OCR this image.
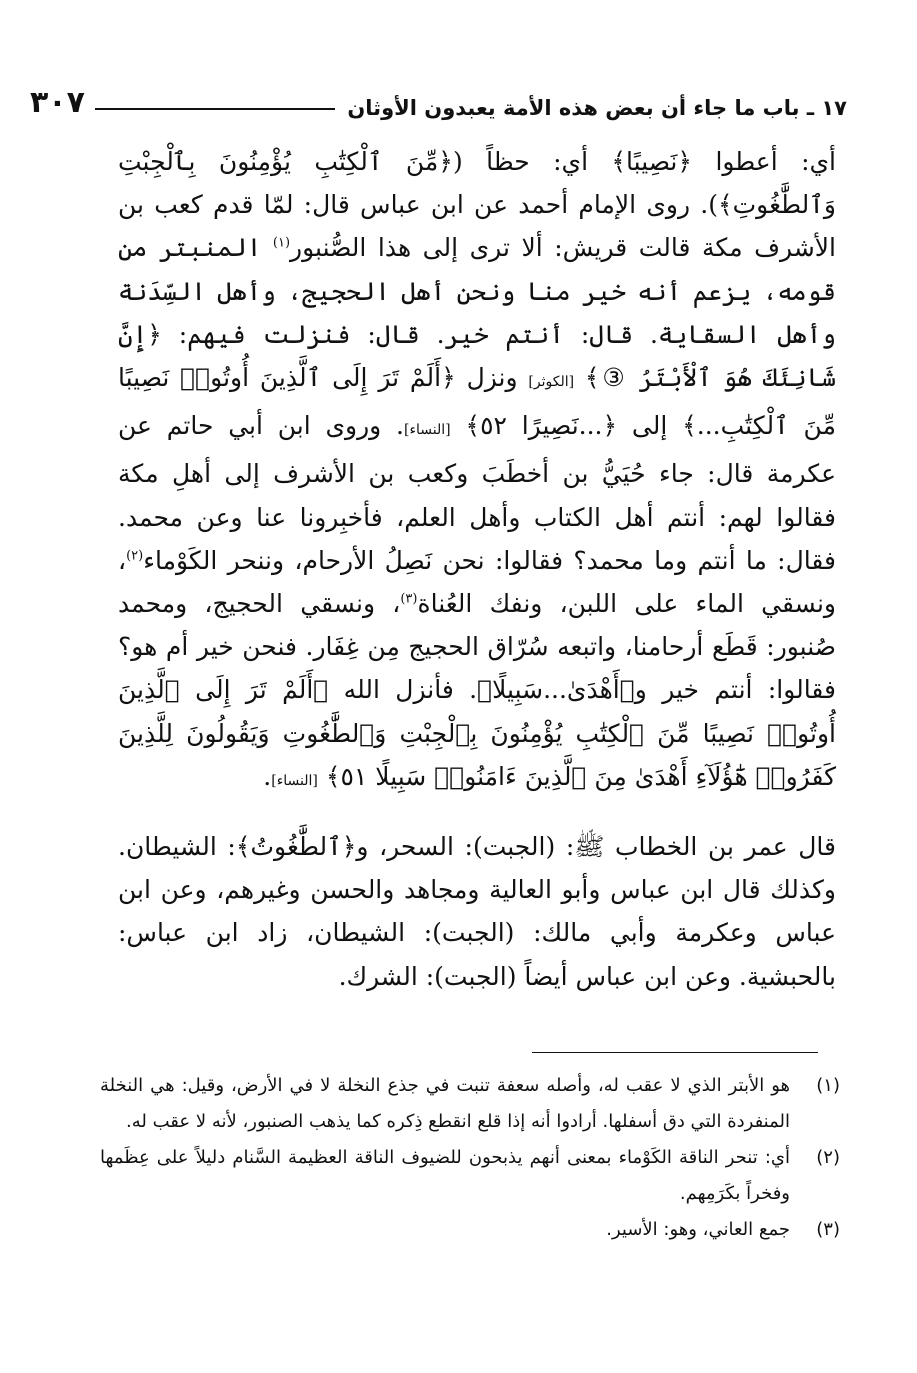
١٧ ـ باب ما جاء أن بعض هذه الأمة يعبدون الأوثان
٣٠٧

أي: أعطوا ﴿نَصِيبًا﴾ أي: حظاً (﴿مِّنَ ٱلْكِتَٰبِ يُؤْمِنُونَ بِٱلْجِبْتِ وَٱلطَّٰغُوتِ﴾). روى الإمام أحمد عن ابن عباس قال: لمّا قدم كعب بن الأشرف مكة قالت قريش: ألا ترى إلى هذا الصُّنبور$^{(١)}$ المنبتر من قومه، يزعم أنه خير منا ونحن أهل الحجيج، وأهل السِّدَنة وأهل السقاية. قال: أنتم خير. قال: فنزلت فيهم: ﴿إِنَّ شَانِئَكَ هُوَ ٱلْأَبْتَرُ ③﴾ [الكوثر] ونزل ﴿أَلَمْ تَرَ إِلَى ٱلَّذِينَ أُوتُوا۟ نَصِيبًا مِّنَ ٱلْكِتَٰبِ...﴾ إلى ﴿...نَصِيرًا ٥٢﴾ [النساء]. وروى ابن أبي حاتم عن عكرمة قال: جاء حُيَيُّ بن أخطَبَ وكعب بن الأشرف إلى أهلِ مكة فقالوا لهم: أنتم أهل الكتاب وأهل العلم، فأخبِرونا عنا وعن محمد. فقال: ما أنتم وما محمد؟ فقالوا: نحن نَصِلُ الأرحام، وننحر الكَوْماء$^{(٢)}$، ونسقي الماء على اللبن، ونفك العُناة$^{(٣)}$، ونسقي الحجيج، ومحمد صُنبور: قَطَع أرحامنا، واتبعه سُرّاق الحجيج مِن غِفَار. فنحن خير أم هو؟ فقالوا: أنتم خير و﴿أَهْدَىٰ...سَبِيلًا﴾. فأنزل الله ﴿أَلَمْ تَرَ إِلَى ٱلَّذِينَ أُوتُوا۟ نَصِيبًا مِّنَ ٱلْكِتَٰبِ يُؤْمِنُونَ بِٱلْجِبْتِ وَٱلطَّٰغُوتِ وَيَقُولُونَ لِلَّذِينَ كَفَرُوا۟ هَٰٓؤُلَآءِ أَهْدَىٰ مِنَ ٱلَّذِينَ ءَامَنُوا۟ سَبِيلًا ٥١﴾ [النساء].

قال عمر بن الخطاب ﷺ: (الجبت): السحر، و﴿ٱلطَّٰغُوتُ﴾: الشيطان. وكذلك قال ابن عباس وأبو العالية ومجاهد والحسن وغيرهم، وعن ابن عباس وعكرمة وأبي مالك: (الجبت): الشيطان، زاد ابن عباس: بالحبشية. وعن ابن عباس أيضاً (الجبت): الشرك.

(١)
هو الأبتر الذي لا عقب له، وأصله سعفة تنبت في جذع النخلة لا في الأرض، وقيل: هي النخلة المنفردة التي دق أسفلها. أرادوا أنه إذا قلع انقطع ذِكره كما يذهب الصنبور، لأنه لا عقب له.
(٢)
أي: تنحر الناقة الكَوْماء بمعنى أنهم يذبحون للضيوف الناقة العظيمة السَّنام دليلاً على عِظَمها وفخراً بكَرَمِهم.
(٣)
جمع العاني، وهو: الأسير.
